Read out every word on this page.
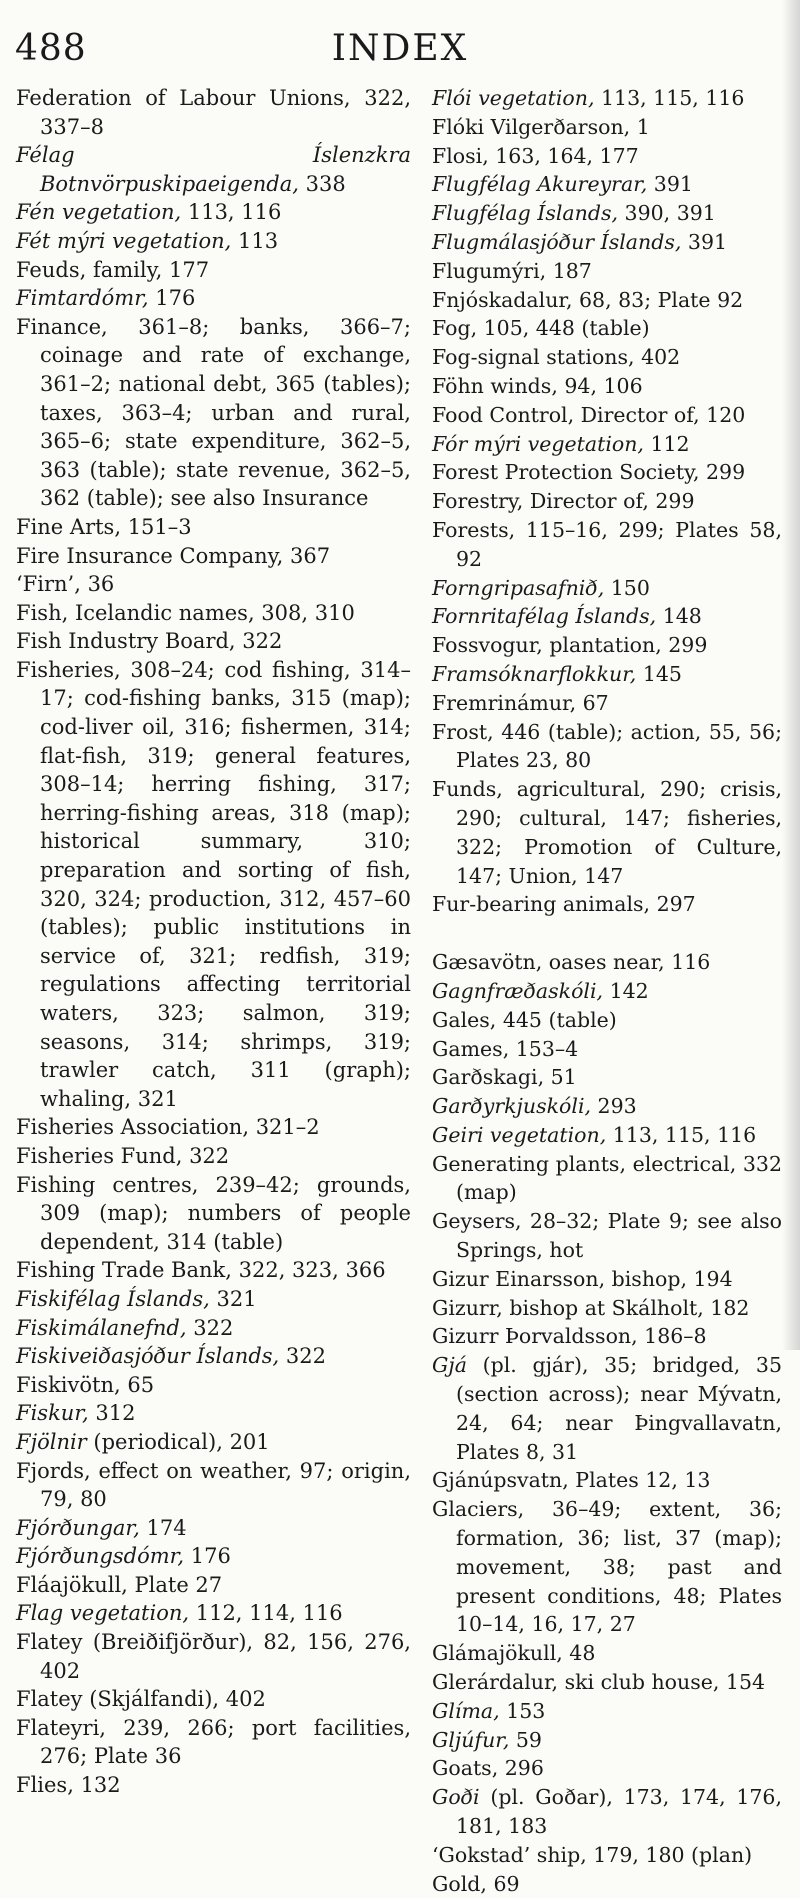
488	INDEX

Federation of Labour Unions, 322, 337–8

Félag Íslenzkra Botnvörpuskipaeigenda, 338

Fén vegetation, 113, 116

Fét mýri vegetation, 113

Feuds, family, 177

Fimtardómr, 176

Finance, 361–8; banks, 366–7; coinage and rate of exchange, 361–2; national debt, 365 (tables); taxes, 363–4; urban and rural, 365–6; state expenditure, 362–5, 363 (table); state revenue, 362–5, 362 (table); see also Insurance

Fine Arts, 151–3

Fire Insurance Company, 367

‘Firn’, 36

Fish, Icelandic names, 308, 310

Fish Industry Board, 322

Fisheries, 308–24; cod fishing, 314–17; cod-fishing banks, 315 (map); cod-liver oil, 316; fishermen, 314; flat-fish, 319; general features, 308–14; herring fishing, 317; herring-fishing areas, 318 (map); historical summary, 310; preparation and sorting of fish, 320, 324; production, 312, 457–60 (tables); public institutions in service of, 321; redfish, 319; regulations affecting territorial waters, 323; salmon, 319; seasons, 314; shrimps, 319; trawler catch, 311 (graph); whaling, 321

Fisheries Association, 321–2

Fisheries Fund, 322

Fishing centres, 239–42; grounds, 309 (map); numbers of people dependent, 314 (table)

Fishing Trade Bank, 322, 323, 366

Fiskifélag Íslands, 321

Fiskimálanefnd, 322

Fiskiveiðasjóður Íslands, 322

Fiskivötn, 65

Fiskur, 312

Fjölnir (periodical), 201

Fjords, effect on weather, 97; origin, 79, 80

Fjórðungar, 174

Fjórðungsdómr, 176

Fláajökull, Plate 27

Flag vegetation, 112, 114, 116

Flatey (Breiðifjörður), 82, 156, 276, 402

Flatey (Skjálfandi), 402

Flateyri, 239, 266; port facilities, 276; Plate 36

Flies, 132

Flói vegetation, 113, 115, 116

Flóki Vilgerðarson, 1

Flosi, 163, 164, 177

Flugfélag Akureyrar, 391

Flugfélag Íslands, 390, 391

Flugmálasjóður Íslands, 391

Flugumýri, 187

Fnjóskadalur, 68, 83; Plate 92

Fog, 105, 448 (table)

Fog-signal stations, 402

Föhn winds, 94, 106

Food Control, Director of, 120

Fór mýri vegetation, 112

Forest Protection Society, 299

Forestry, Director of, 299

Forests, 115–16, 299; Plates 58, 92

Forngripasafnið, 150

Fornritafélag Íslands, 148

Fossvogur, plantation, 299

Framsóknarflokkur, 145

Fremrinámur, 67

Frost, 446 (table); action, 55, 56; Plates 23, 80

Funds, agricultural, 290; crisis, 290; cultural, 147; fisheries, 322; Promotion of Culture, 147; Union, 147

Fur-bearing animals, 297

Gæsavötn, oases near, 116

Gagnfræðaskóli, 142

Gales, 445 (table)

Games, 153–4

Garðskagi, 51

Garðyrkjuskóli, 293

Geiri vegetation, 113, 115, 116

Generating plants, electrical, 332 (map)

Geysers, 28–32; Plate 9; see also Springs, hot

Gizur Einarsson, bishop, 194

Gizurr, bishop at Skálholt, 182

Gizurr Þorvaldsson, 186–8

Gjá (pl. gjár), 35; bridged, 35 (section across); near Mývatn, 24, 64; near Þingvallavatn, Plates 8, 31

Gjánúpsvatn, Plates 12, 13

Glaciers, 36–49; extent, 36; formation, 36; list, 37 (map); movement, 38; past and present conditions, 48; Plates 10–14, 16, 17, 27

Glámajökull, 48

Glerárdalur, ski club house, 154

Glíma, 153

Gljúfur, 59

Goats, 296

Goði (pl. Goðar), 173, 174, 176, 181, 183

‘Gokstad’ ship, 179, 180 (plan)

Gold, 69
